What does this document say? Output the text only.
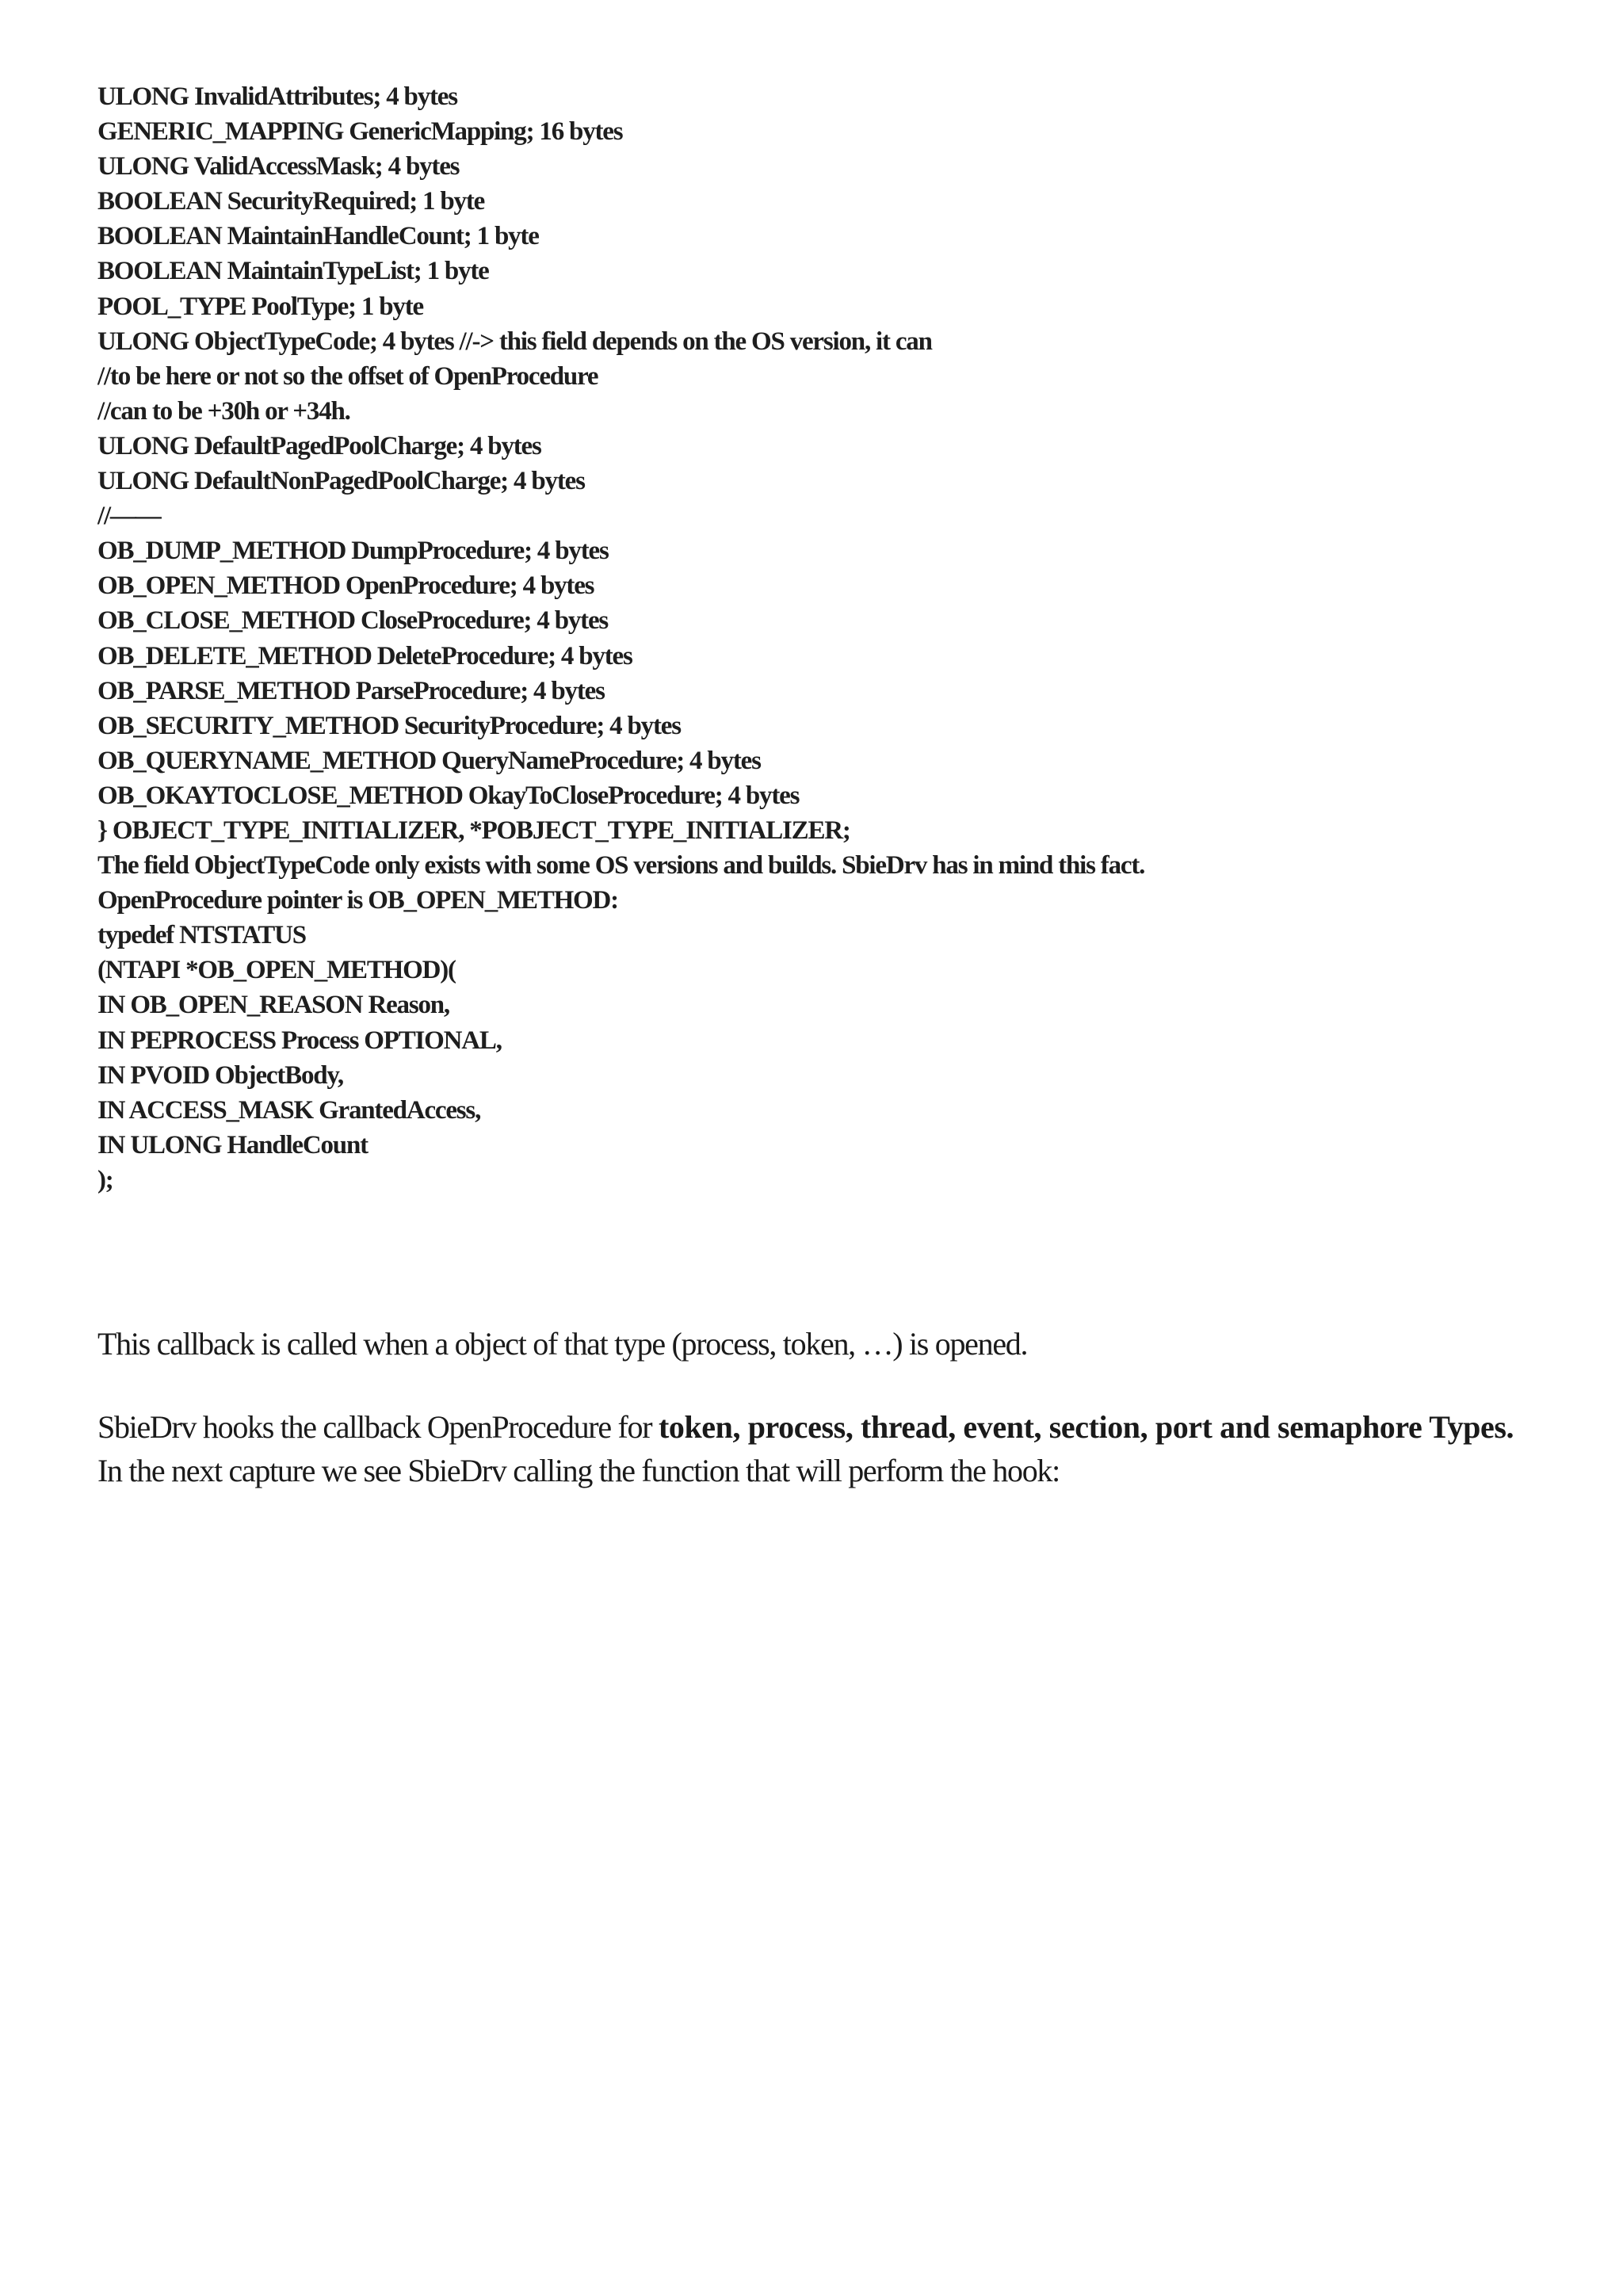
ULONG InvalidAttributes; 4 bytes
GENERIC_MAPPING GenericMapping; 16 bytes
ULONG ValidAccessMask; 4 bytes
BOOLEAN SecurityRequired; 1 byte
BOOLEAN MaintainHandleCount; 1 byte
BOOLEAN MaintainTypeList; 1 byte
POOL_TYPE PoolType; 1 byte
ULONG ObjectTypeCode; 4 bytes //-> this field depends on the OS version, it can
//to be here or not so the offset of OpenProcedure
//can to be +30h or +34h.
ULONG DefaultPagedPoolCharge; 4 bytes
ULONG DefaultNonPagedPoolCharge; 4 bytes
//——
OB_DUMP_METHOD DumpProcedure; 4 bytes
OB_OPEN_METHOD OpenProcedure; 4 bytes
OB_CLOSE_METHOD CloseProcedure; 4 bytes
OB_DELETE_METHOD DeleteProcedure; 4 bytes
OB_PARSE_METHOD ParseProcedure; 4 bytes
OB_SECURITY_METHOD SecurityProcedure; 4 bytes
OB_QUERYNAME_METHOD QueryNameProcedure; 4 bytes
OB_OKAYTOCLOSE_METHOD OkayToCloseProcedure; 4 bytes
} OBJECT_TYPE_INITIALIZER, *POBJECT_TYPE_INITIALIZER;
The field ObjectTypeCode only exists with some OS versions and builds. SbieDrv has in mind this fact.
OpenProcedure pointer is OB_OPEN_METHOD:
typedef NTSTATUS
(NTAPI *OB_OPEN_METHOD)(
IN OB_OPEN_REASON Reason,
IN PEPROCESS Process OPTIONAL,
IN PVOID ObjectBody,
IN ACCESS_MASK GrantedAccess,
IN ULONG HandleCount
);

This callback is called when a object of that type (process, token, …) is opened.

SbieDrv hooks the callback OpenProcedure for token, process, thread, event, section, port and semaphore Types. In the next capture we see SbieDrv calling the function that will perform the hook:
